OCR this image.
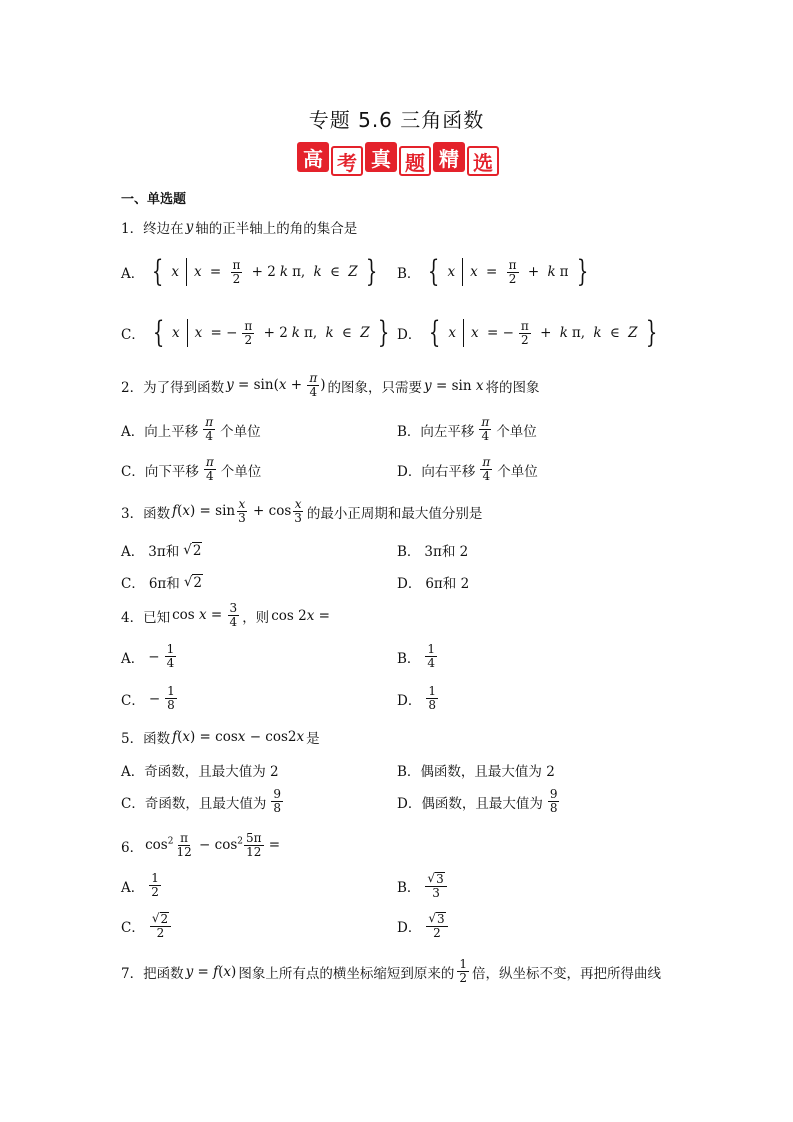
专题 5.6 三角函数
高 考 真 题 精 选
一、单选题
1．终边在 y 轴的正半轴上的角的集合是
A． { x $x = \frac{\pi}{2} + 2$ k π, k ∈ Z } B． { x $x = \frac{\pi}{2} + k$ π }
C． { x x = − $\frac{\pi}{2} + 2$ k π, k ∈ Z } D． { x x = − $\frac{\pi}{2} + k$ π, k ∈ Z }
2．为了得到函数 $y = \sin(x + \frac{\pi}{4}$ ) 的图象，只需要 y = sin x 将的图象
A．向上平移 $\frac{\pi}{4}$ 个单位	B．向左平移 $\frac{\pi}{4}$ 个单位
C．向下平移 $\frac{\pi}{4}$ 个单位	D．向右平移 $\frac{\pi}{4}$ 个单位
3．函数 $f(x) = \sin \frac{x}{3} + \cos \frac{x}{3}$ 的最小正周期和最大值分别是
A． 3π和 √ 2	B． 3π和 2
C． 6π和 √ 2	D． 6π和 2
4．已知 $\cos x = \frac{3}{4}$ ，则 cos 2x =
A． − $\frac{1}{4}$	B． $\frac{1}{4}$
C． − $\frac{1}{8}$	D． $\frac{1}{8}$
5．函数 f(x) = cosx − cos2x 是
A．奇函数，且最大值为 2	B．偶函数，且最大值为 2
C．奇函数，且最大值为 $\frac{9}{8}$	D．偶函数，且最大值为 $\frac{9}{8}$
6． $\cos^2 \frac{\pi}{12} - \cos^2 \frac{5\pi}{12}$ =
A． $\frac{1}{2}$	B． $\frac{√ 3}{3}$
C． $\frac{√ 2}{2}$	D． $\frac{√ 3}{2}$
7．把函数 y = f(x) 图象上所有点的横坐标缩短到原来的 $\frac{1}{2}$ 倍，纵坐标不变，再把所得曲线
